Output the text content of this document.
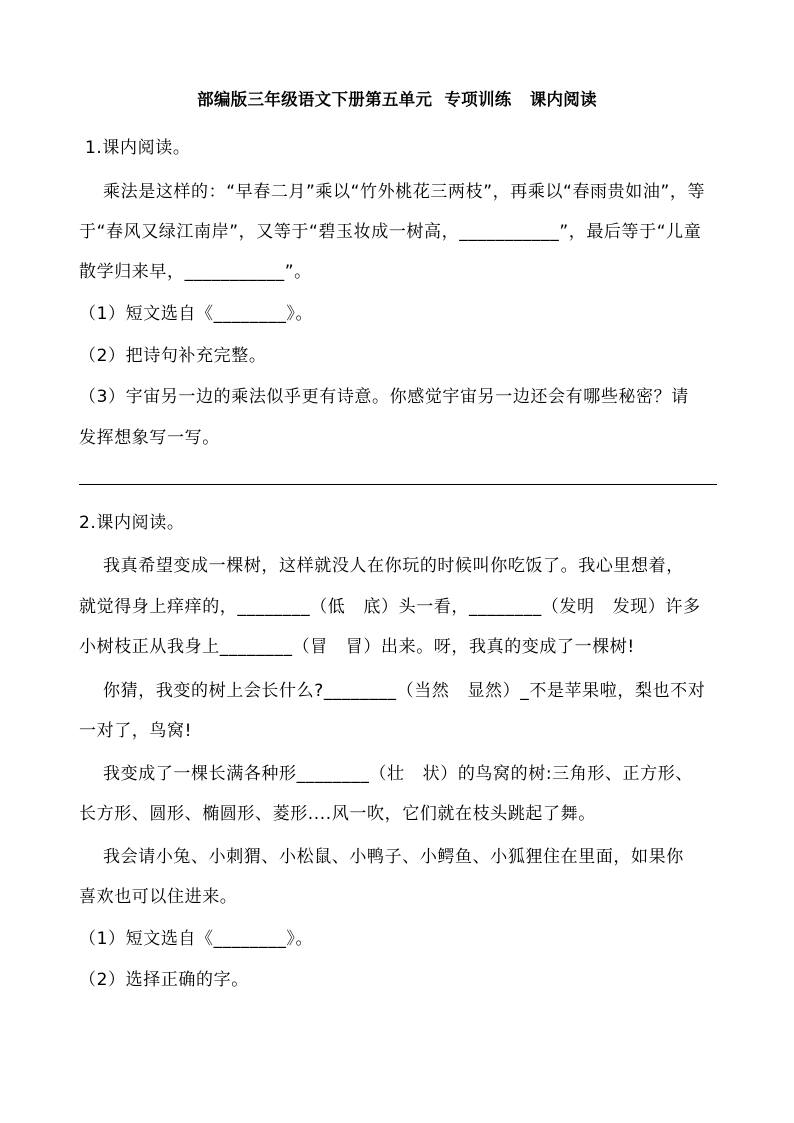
部编版三年级语文下册第五单元  专项训练   课内阅读
1.课内阅读。
乘法是这样的：“早春二月”乘以“竹外桃花三两枝”，再乘以“春雨贵如油”，等
于“春风又绿江南岸”，又等于“碧玉妆成一树高，___________”，最后等于“儿童
散学归来早，___________”。
（1）短文选自《________》。
（2）把诗句补充完整。
（3）宇宙另一边的乘法似乎更有诗意。你感觉宇宙另一边还会有哪些秘密？请
发挥想象写一写。
2.课内阅读。
我真希望变成一棵树，这样就没人在你玩的时候叫你吃饭了。我心里想着，
就觉得身上痒痒的，________（低   底）头一看，________（发明   发现）许多
小树枝正从我身上________（冒   冒）出来。呀，我真的变成了一棵树!
你猜，我变的树上会长什么?________（当然   显然）_不是苹果啦，梨也不对
一对了，鸟窝!
我变成了一棵长满各种形________（壮   状）的鸟窝的树:三角形、正方形、
长方形、圆形、椭圆形、菱形....风一吹，它们就在枝头跳起了舞。
我会请小兔、小刺猬、小松鼠、小鸭子、小鳄鱼、小狐狸住在里面，如果你
喜欢也可以住进来。
（1）短文选自《________》。
（2）选择正确的字。
